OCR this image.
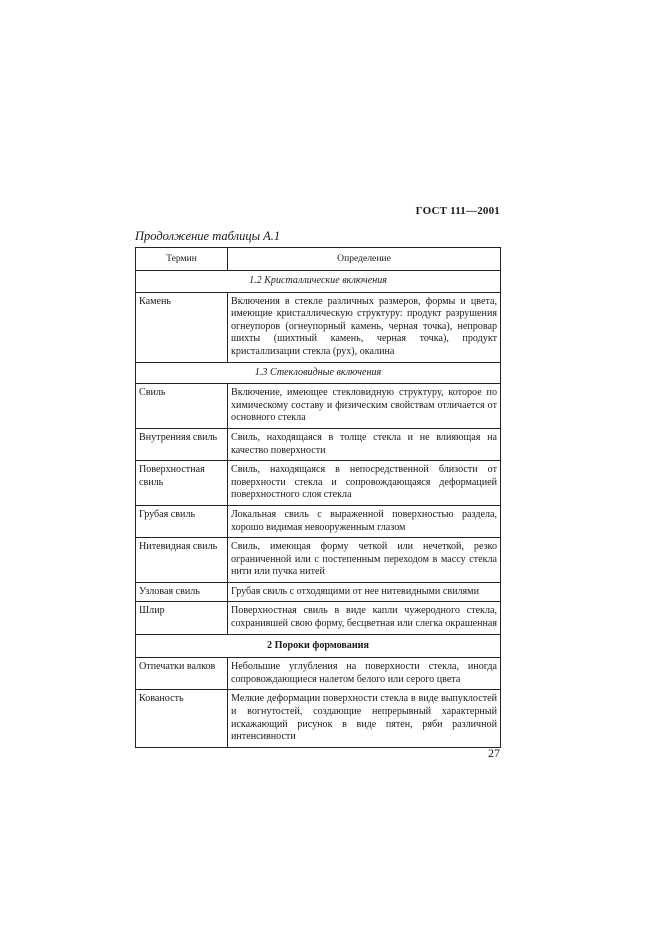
ГОСТ 111—2001
Продолжение таблицы А.1
Термин	Определение
1.2 Кристаллические включения	
Камень	Включения в стекле различных размеров, формы и цвета, имеющие кристаллическую структуру: продукт разрушения огнеупоров (огнеупорный камень, черная точка), непровар шихты (шихтный камень, черная точка), продукт кристаллизации стекла (рух), окалина
1.3 Стекловидные включения	
Свиль	Включение, имеющее стекловидную структуру, которое по химическому составу и физическим свойствам отличается от основного стекла
Внутренняя свиль	Свиль, находящаяся в толще стекла и не влияющая на качество поверхности
Поверхностная свиль	Свиль, находящаяся в непосредственной близости от поверхности стекла и сопровождающаяся деформацией поверхностного слоя стекла
Грубая свиль	Локальная свиль с выраженной поверхностью раздела, хорошо видимая невооруженным глазом
Нитевидная свиль	Свиль, имеющая форму четкой или нечеткой, резко ограниченной или с постепенным переходом в массу стекла нити или пучка нитей
Узловая свиль	Грубая свиль с отходящими от нее нитевидными свилями
Шлир	Поверхностная свиль в виде капли чужеродного стекла, сохранившей свою форму, бесцветная или слегка окрашенная
2 Пороки формования	
Отпечатки валков	Небольшие углубления на поверхности стекла, иногда сопровождающиеся налетом белого или серого цвета
Кованость	Мелкие деформации поверхности стекла в виде выпуклостей и вогнутостей, создающие непрерывный характерный искажающий рисунок в виде пятен, ряби различной интенсивности
27
